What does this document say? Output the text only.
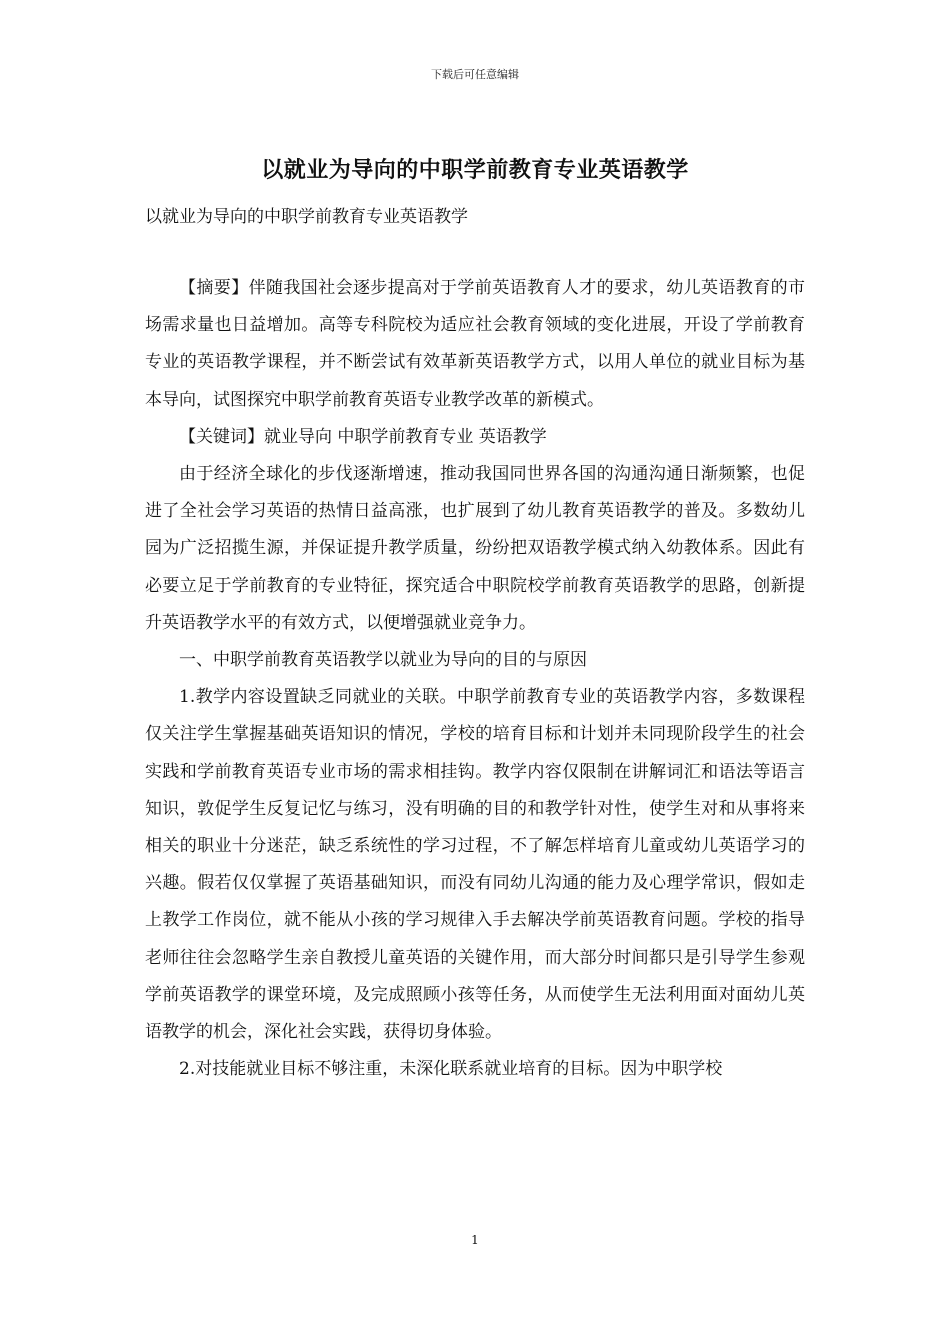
下载后可任意编辑
以就业为导向的中职学前教育专业英语教学
以就业为导向的中职学前教育专业英语教学

【摘要】伴随我国社会逐步提高对于学前英语教育人才的要求，幼儿英语教育的市场需求量也日益增加。高等专科院校为适应社会教育领域的变化进展，开设了学前教育专业的英语教学课程，并不断尝试有效革新英语教学方式，以用人单位的就业目标为基本导向，试图探究中职学前教育英语专业教学改革的新模式。

【关键词】就业导向 中职学前教育专业 英语教学

由于经济全球化的步伐逐渐增速，推动我国同世界各国的沟通沟通日渐频繁，也促进了全社会学习英语的热情日益高涨，也扩展到了幼儿教育英语教学的普及。多数幼儿园为广泛招揽生源，并保证提升教学质量，纷纷把双语教学模式纳入幼教体系。因此有必要立足于学前教育的专业特征，探究适合中职院校学前教育英语教学的思路，创新提升英语教学水平的有效方式，以便增强就业竞争力。

一、中职学前教育英语教学以就业为导向的目的与原因

1.教学内容设置缺乏同就业的关联。中职学前教育专业的英语教学内容，多数课程仅关注学生掌握基础英语知识的情况，学校的培育目标和计划并未同现阶段学生的社会实践和学前教育英语专业市场的需求相挂钩。教学内容仅限制在讲解词汇和语法等语言知识，敦促学生反复记忆与练习，没有明确的目的和教学针对性，使学生对和从事将来相关的职业十分迷茫，缺乏系统性的学习过程，不了解怎样培育儿童或幼儿英语学习的兴趣。假若仅仅掌握了英语基础知识，而没有同幼儿沟通的能力及心理学常识，假如走上教学工作岗位，就不能从小孩的学习规律入手去解决学前英语教育问题。学校的指导老师往往会忽略学生亲自教授儿童英语的关键作用，而大部分时间都只是引导学生参观学前英语教学的课堂环境，及完成照顾小孩等任务，从而使学生无法利用面对面幼儿英语教学的机会，深化社会实践，获得切身体验。

2.对技能就业目标不够注重，未深化联系就业培育的目标。因为中职学校

1
